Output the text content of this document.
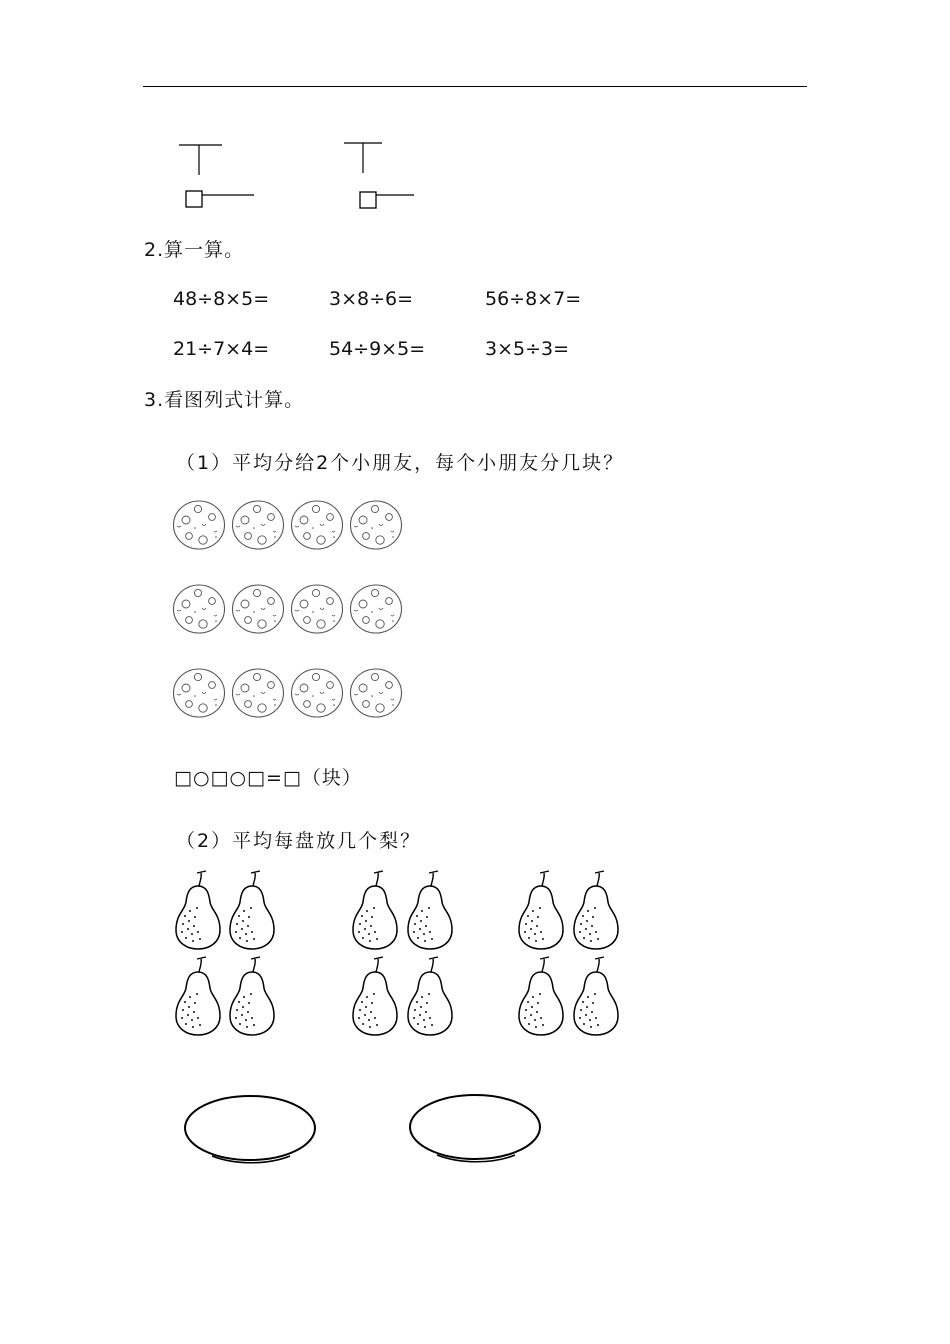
2.算一算。
48÷8×5=	3×8÷6=	56÷8×7=
21÷7×4=	54÷9×5=	3×5÷3=
3.看图列式计算。
（1）平均分给2个小朋友，每个小朋友分几块？
□○□○□=□（块）
（2）平均每盘放几个梨？
